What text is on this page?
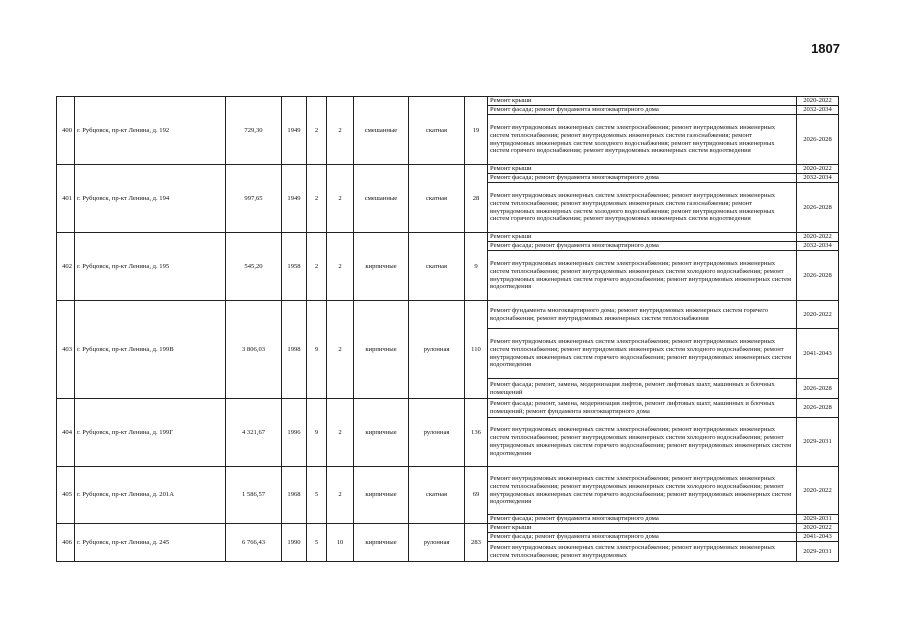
1807
400	г. Рубцовск, пр-кт Ленина, д. 192	729,30	1949	2	2	смешанные	скатная	19	Ремонт крыши	2020-2022
									Ремонт фасада; ремонт фундамента многоквартирного дома	2032-2034
									Ремонт внутридомовых инженерных систем электроснабжения; ремонт внутридомовых инженерных систем теплоснабжения; ремонт внутридомовых инженерных систем газоснабжения; ремонт внутридомовых инженерных систем холодного водоснабжения; ремонт внутридомовых инженерных систем горячего водоснабжения; ремонт внутридомовых инженерных систем водоотведения	2026-2028
401	г. Рубцовск, пр-кт Ленина, д. 194	997,65	1949	2	2	смешанные	скатная	28	Ремонт крыши	2020-2022
									Ремонт фасада; ремонт фундамента многоквартирного дома	2032-2034
									Ремонт внутридомовых инженерных систем электроснабжения; ремонт внутридомовых инженерных систем теплоснабжения; ремонт внутридомовых инженерных систем газоснабжения; ремонт внутридомовых инженерных систем холодного водоснабжения; ремонт внутридомовых инженерных систем горячего водоснабжения; ремонт внутридомовых инженерных систем водоотведения	2026-2028
402	г. Рубцовск, пр-кт Ленина, д. 195	545,20	1958	2	2	кирпичные	скатная	9	Ремонт крыши	2020-2022
									Ремонт фасада; ремонт фундамента многоквартирного дома	2032-2034
									Ремонт внутридомовых инженерных систем электроснабжения; ремонт внутридомовых инженерных систем теплоснабжения; ремонт внутридомовых инженерных систем холодного водоснабжения; ремонт внутридомовых инженерных систем горячего водоснабжения; ремонт внутридомовых инженерных систем водоотведения	2026-2028
403	г. Рубцовск, пр-кт Ленина, д. 199В	3 806,03	1998	9	2	кирпичные	рулонная	110	Ремонт фундамента многоквартирного дома; ремонт внутридомовых инженерных систем горячего водоснабжения; ремонт внутридомовых инженерных систем теплоснабжения	2020-2022
									Ремонт внутридомовых инженерных систем электроснабжения; ремонт внутридомовых инженерных систем теплоснабжения; ремонт внутридомовых инженерных систем холодного водоснабжения; ремонт внутридомовых инженерных систем горячего водоснабжения; ремонт внутридомовых инженерных систем водоотведения	2041-2043
									Ремонт фасада; ремонт, замена, модернизация лифтов, ремонт лифтовых шахт, машинных и блочных помещений	2026-2028
404	г. Рубцовск, пр-кт Ленина, д. 199Г	4 321,67	1996	9	2	кирпичные	рулонная	136	Ремонт фасада; ремонт, замена, модернизация лифтов, ремонт лифтовых шахт, машинных и блочных помещений; ремонт фундамента многоквартирного дома	2026-2028
									Ремонт внутридомовых инженерных систем электроснабжения; ремонт внутридомовых инженерных систем теплоснабжения; ремонт внутридомовых инженерных систем холодного водоснабжения; ремонт внутридомовых инженерных систем горячего водоснабжения; ремонт внутридомовых инженерных систем водоотведения	2029-2031
405	г. Рубцовск, пр-кт Ленина, д. 201А	1 586,57	1968	5	2	кирпичные	скатная	69	Ремонт внутридомовых инженерных систем электроснабжения; ремонт внутридомовых инженерных систем теплоснабжения; ремонт внутридомовых инженерных систем холодного водоснабжения; ремонт внутридомовых инженерных систем горячего водоснабжения; ремонт внутридомовых инженерных систем водоотведения	2020-2022
									Ремонт фасада; ремонт фундамента многоквартирного дома	2029-2031
406	г. Рубцовск, пр-кт Ленина, д. 245	6 766,43	1990	5	10	кирпичные	рулонная	283	Ремонт крыши	2020-2022
									Ремонт фасада; ремонт фундамента многоквартирного дома	2041-2043
									Ремонт внутридомовых инженерных систем электроснабжения; ремонт внутридомовых инженерных систем теплоснабжения; ремонт внутридомовых	2029-2031
